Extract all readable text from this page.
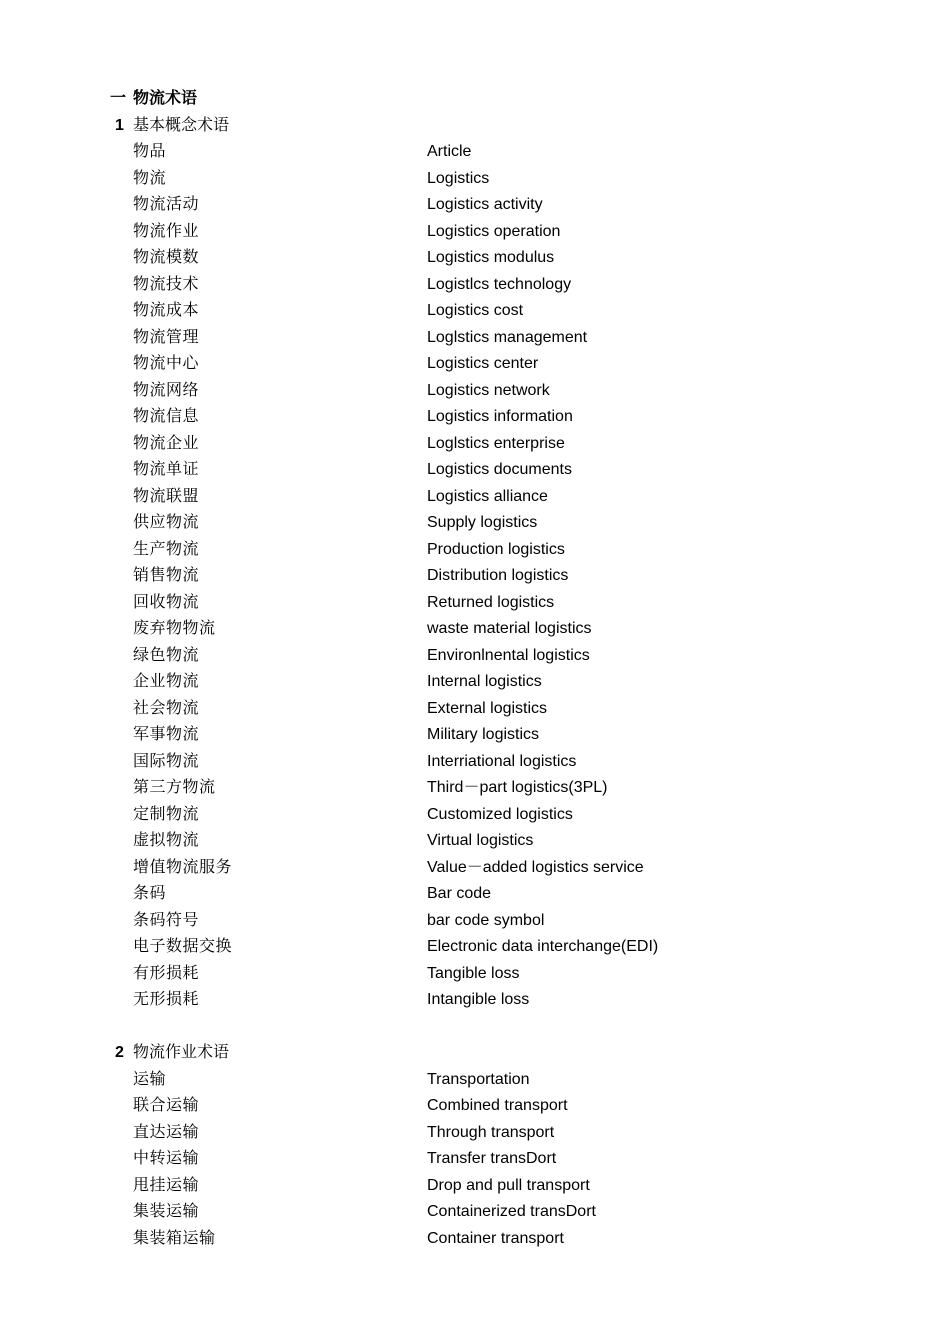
一 物流术语
1 基本概念术语
物品	Article
物流	Logistics
物流活动	Logistics activity
物流作业	Logistics operation
物流模数	Logistics modulus
物流技术	Logistlcs technology
物流成本	Logistics cost
物流管理	Loglstics management
物流中心	Logistics center
物流网络	Logistics network
物流信息	Logistics information
物流企业	Loglstics enterprise
物流单证	Logistics documents
物流联盟	Logistics alliance
供应物流	Supply logistics
生产物流	Production logistics
销售物流	Distribution logistics
回收物流	Returned logistics
废弃物物流	waste material logistics
绿色物流	Environlnental logistics
企业物流	Internal logistics
社会物流	External logistics
军事物流	Military logistics
国际物流	Interriational logistics
第三方物流	Third－part logistics(3PL)
定制物流	Customized logistics
虚拟物流	Virtual logistics
增值物流服务	Value－added logistics service
条码	Bar code
条码符号	bar code symbol
电子数据交换	Electronic data interchange(EDI)
有形损耗	Tangible loss
无形损耗	Intangible loss
2 物流作业术语
运输	Transportation
联合运输	Combined transport
直达运输	Through transport
中转运输	Transfer transDort
甩挂运输	Drop and pull transport
集装运输	Containerized transDort
集装箱运输	Container transport
